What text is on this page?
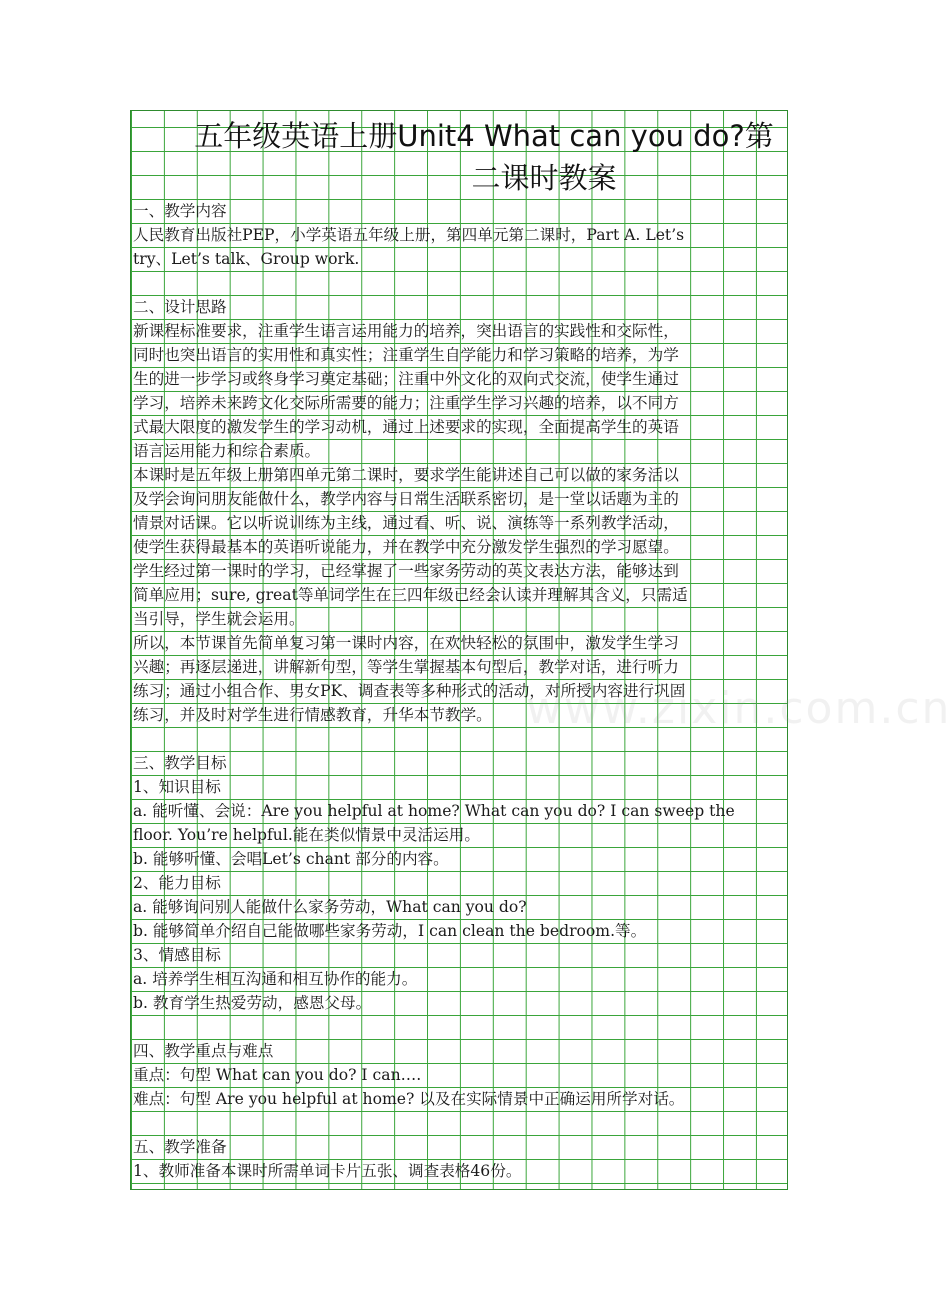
www.zixin.com.cn
五年级英语上册Unit4 What can you do?第
二课时教案

一、教学内容

人民教育出版社PEP，小学英语五年级上册，第四单元第二课时，Part A. Let’s

try、Let’s talk、Group work.

二、设计思路

新课程标准要求，注重学生语言运用能力的培养，突出语言的实践性和交际性，

同时也突出语言的实用性和真实性；注重学生自学能力和学习策略的培养，为学

生的进一步学习或终身学习奠定基础；注重中外文化的双向式交流，使学生通过

学习，培养未来跨文化交际所需要的能力；注重学生学习兴趣的培养，以不同方

式最大限度的激发学生的学习动机，通过上述要求的实现，全面提高学生的英语

语言运用能力和综合素质。

本课时是五年级上册第四单元第二课时，要求学生能讲述自己可以做的家务活以

及学会询问朋友能做什么，教学内容与日常生活联系密切，是一堂以话题为主的

情景对话课。它以听说训练为主线，通过看、听、说、演练等一系列教学活动，

使学生获得最基本的英语听说能力，并在教学中充分激发学生强烈的学习愿望。

学生经过第一课时的学习，已经掌握了一些家务劳动的英文表达方法，能够达到

简单应用；sure, great等单词学生在三四年级已经会认读并理解其含义，只需适

当引导，学生就会运用。

所以，本节课首先简单复习第一课时内容，在欢快轻松的氛围中，激发学生学习

兴趣；再逐层递进，讲解新句型，等学生掌握基本句型后，教学对话，进行听力

练习；通过小组合作、男女PK、调查表等多种形式的活动，对所授内容进行巩固

练习，并及时对学生进行情感教育，升华本节教学。

三、教学目标

1、知识目标

a. 能听懂、会说：Are you helpful at home? What can you do? I can sweep the

floor. You’re helpful.能在类似情景中灵活运用。

b. 能够听懂、会唱Let’s chant 部分的内容。

2、能力目标

a. 能够询问别人能做什么家务劳动，What can you do?

b. 能够简单介绍自己能做哪些家务劳动，I can clean the bedroom.等。

3、情感目标

a. 培养学生相互沟通和相互协作的能力。

b. 教育学生热爱劳动，感恩父母。

四、教学重点与难点

重点：句型 What can you do? I can….

难点：句型 Are you helpful at home? 以及在实际情景中正确运用所学对话。

五、教学准备

1、教师准备本课时所需单词卡片五张、调查表格46份。
